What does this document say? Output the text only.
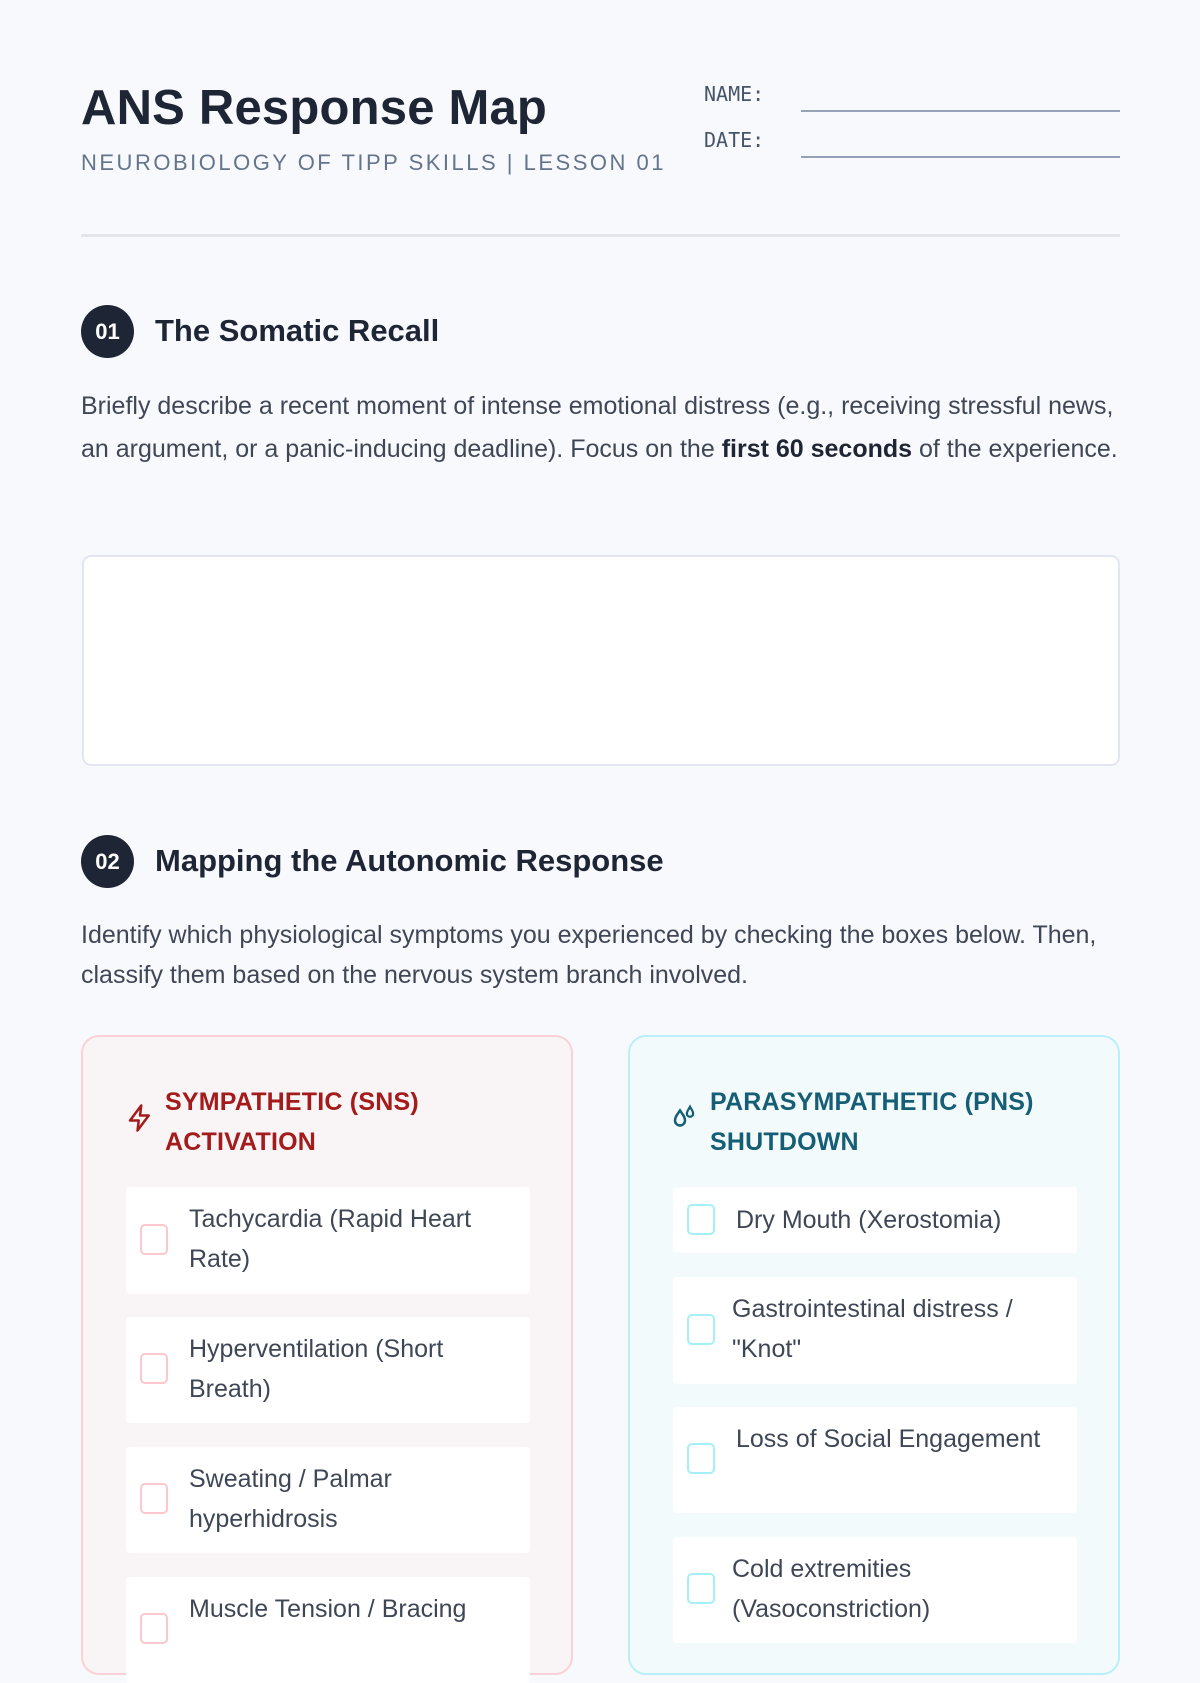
ANS Response Map
NEUROBIOLOGY OF TIPP SKILLS | LESSON 01
NAME:
DATE:
01	The Somatic Recall

Briefly describe a recent moment of intense emotional distress (e.g., receiving stressful news, an argument, or a panic-inducing deadline). Focus on the first 60 seconds of the experience.

02	Mapping the Autonomic Response

Identify which physiological symptoms you experienced by checking the boxes below. Then, classify them based on the nervous system branch involved.

SYMPATHETIC (SNS) ACTIVATION
Tachycardia (Rapid Heart Rate)
Hyperventilation (Short Breath)
Sweating / Palmar hyperhidrosis
Muscle Tension / Bracing
PARASYMPATHETIC (PNS) SHUTDOWN
Dry Mouth (Xerostomia)
Gastrointestinal distress / "Knot"
Loss of Social Engagement
Cold extremities (Vasoconstriction)
